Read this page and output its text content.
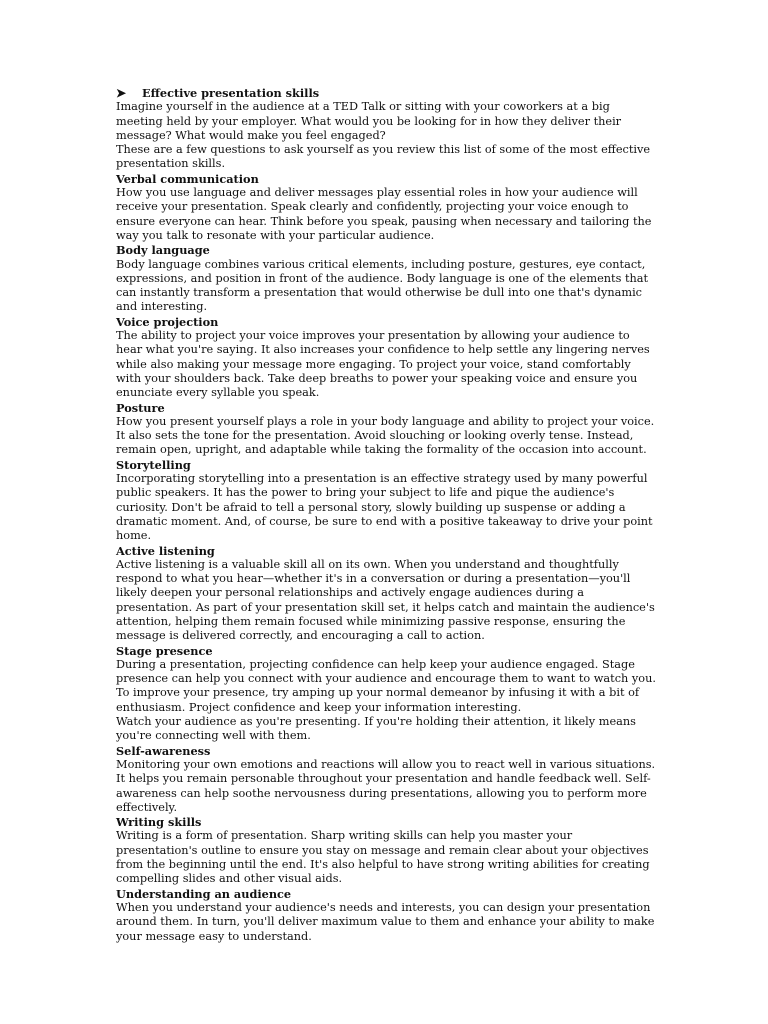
➤	Effective presentation skills

Imagine yourself in the audience at a TED Talk or sitting with your coworkers at a big meeting held by your employer. What would you be looking for in how they deliver their message? What would make you feel engaged?

These are a few questions to ask yourself as you review this list of some of the most effective presentation skills.

Verbal communication

How you use language and deliver messages play essential roles in how your audience will receive your presentation. Speak clearly and confidently, projecting your voice enough to ensure everyone can hear. Think before you speak, pausing when necessary and tailoring the way you talk to resonate with your particular audience.

Body language

Body language combines various critical elements, including posture, gestures, eye contact, expressions, and position in front of the audience. Body language is one of the elements that can instantly transform a presentation that would otherwise be dull into one that's dynamic and interesting.

Voice projection

The ability to project your voice improves your presentation by allowing your audience to hear what you're saying. It also increases your confidence to help settle any lingering nerves while also making your message more engaging. To project your voice, stand comfortably with your shoulders back. Take deep breaths to power your speaking voice and ensure you enunciate every syllable you speak.

Posture

How you present yourself plays a role in your body language and ability to project your voice. It also sets the tone for the presentation. Avoid slouching or looking overly tense. Instead, remain open, upright, and adaptable while taking the formality of the occasion into account.

Storytelling

Incorporating storytelling into a presentation is an effective strategy used by many powerful public speakers. It has the power to bring your subject to life and pique the audience's curiosity. Don't be afraid to tell a personal story, slowly building up suspense or adding a dramatic moment. And, of course, be sure to end with a positive takeaway to drive your point home.

Active listening

Active listening is a valuable skill all on its own. When you understand and thoughtfully respond to what you hear—whether it's in a conversation or during a presentation—you'll likely deepen your personal relationships and actively engage audiences during a presentation. As part of your presentation skill set, it helps catch and maintain the audience's attention, helping them remain focused while minimizing passive response, ensuring the message is delivered correctly, and encouraging a call to action.

Stage presence

During a presentation, projecting confidence can help keep your audience engaged. Stage presence can help you connect with your audience and encourage them to want to watch you. To improve your presence, try amping up your normal demeanor by infusing it with a bit of enthusiasm. Project confidence and keep your information interesting.

Watch your audience as you're presenting. If you're holding their attention, it likely means you're connecting well with them.

Self-awareness

Monitoring your own emotions and reactions will allow you to react well in various situations. It helps you remain personable throughout your presentation and handle feedback well. Self-awareness can help soothe nervousness during presentations, allowing you to perform more effectively.

Writing skills

Writing is a form of presentation. Sharp writing skills can help you master your presentation's outline to ensure you stay on message and remain clear about your objectives from the beginning until the end. It's also helpful to have strong writing abilities for creating compelling slides and other visual aids.

Understanding an audience

When you understand your audience's needs and interests, you can design your presentation around them. In turn, you'll deliver maximum value to them and enhance your ability to make your message easy to understand.
